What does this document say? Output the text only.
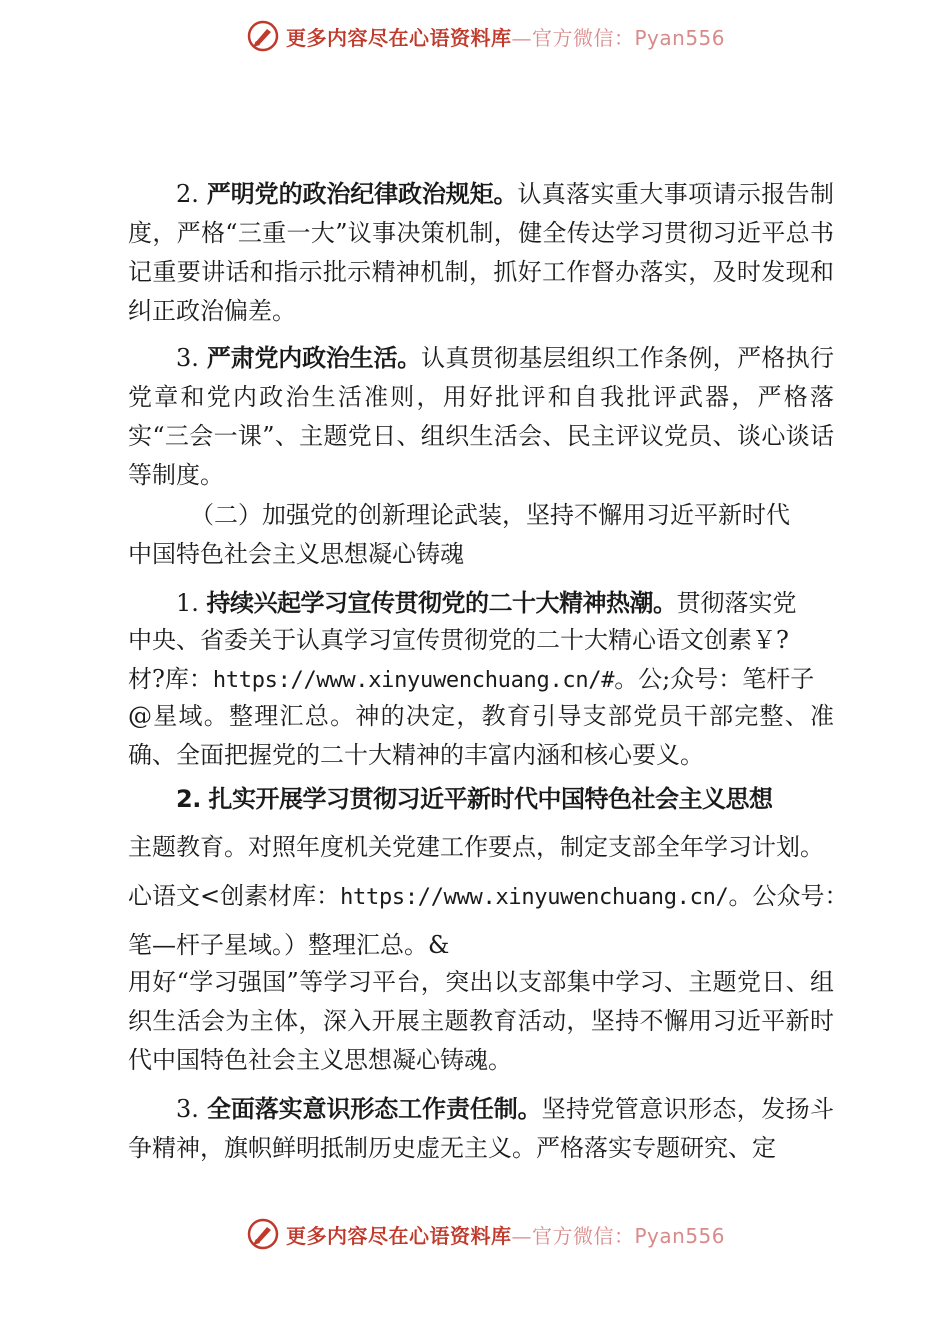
更多内容尽在心语资料库—官方微信：Pyan556

2. 严明党的政治纪律政治规矩。认真落实重大事项请示报告制度，严格“三重一大”议事决策机制，健全传达学习贯彻习近平总书记重要讲话和指示批示精神机制，抓好工作督办落实，及时发现和纠正政治偏差。

3. 严肃党内政治生活。认真贯彻基层组织工作条例，严格执行党章和党内政治生活准则，用好批评和自我批评武器，严格落实“三会一课”、主题党日、组织生活会、民主评议党员、谈心谈话等制度。

（二）加强党的创新理论武装，坚持不懈用习近平新时代
中国特色社会主义思想凝心铸魂
1. 持续兴起学习宣传贯彻党的二十大精神热潮。贯彻落实党
中央、省委关于认真学习宣传贯彻党的二十大精心语文创素￥?
材?库：https://www.xinyuwenchuang.cn/#。公;众号：笔杆子

@星域。整理汇总。神的决定，教育引导支部党员干部完整、准确、全面把握党的二十大精神的丰富内涵和核心要义。

2. 扎实开展学习贯彻习近平新时代中国特色社会主义思想
主题教育。对照年度机关党建工作要点，制定支部全年学习计划。
心语文<创素材库：https://www.xinyuwenchuang.cn/。公众号：
笔—杆子星域。）整理汇总。&

用好“学习强国”等学习平台，突出以支部集中学习、主题党日、组织生活会为主体，深入开展主题教育活动，坚持不懈用习近平新时代中国特色社会主义思想凝心铸魂。

3. 全面落实意识形态工作责任制。坚持党管意识形态，发扬斗争精神，旗帜鲜明抵制历史虚无主义。严格落实专题研究、定

更多内容尽在心语资料库—官方微信：Pyan556
